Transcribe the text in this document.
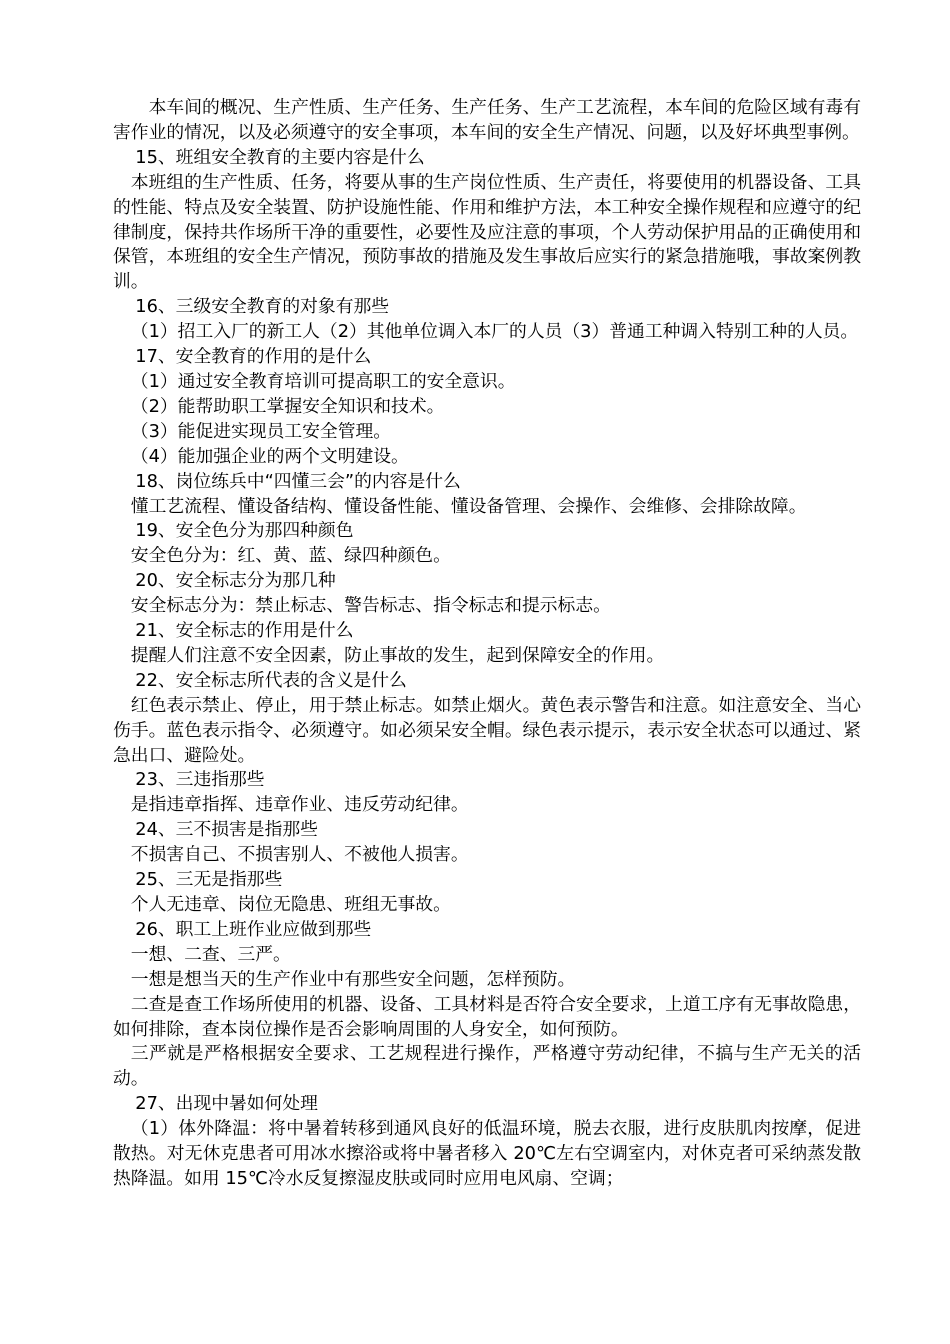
本车间的概况、生产性质、生产任务、生产任务、生产工艺流程，本车间的危险区域有毒有害作业的情况，以及必须遵守的安全事项，本车间的安全生产情况、问题，以及好坏典型事例。

15、班组安全教育的主要内容是什么

本班组的生产性质、任务，将要从事的生产岗位性质、生产责任，将要使用的机器设备、工具的性能、特点及安全装置、防护设施性能、作用和维护方法，本工种安全操作规程和应遵守的纪律制度，保持共作场所干净的重要性，必要性及应注意的事项，个人劳动保护用品的正确使用和保管，本班组的安全生产情况，预防事故的措施及发生事故后应实行的紧急措施哦，事故案例教训。

16、三级安全教育的对象有那些

（1）招工入厂的新工人（2）其他单位调入本厂的人员（3）普通工种调入特别工种的人员。

17、安全教育的作用的是什么

（1）通过安全教育培训可提高职工的安全意识。

（2）能帮助职工掌握安全知识和技术。

（3）能促进实现员工安全管理。

（4）能加强企业的两个文明建设。

18、岗位练兵中“四懂三会”的内容是什么

懂工艺流程、懂设备结构、懂设备性能、懂设备管理、会操作、会维修、会排除故障。

19、安全色分为那四种颜色

安全色分为：红、黄、蓝、绿四种颜色。

20、安全标志分为那几种

安全标志分为：禁止标志、警告标志、指令标志和提示标志。

21、安全标志的作用是什么

提醒人们注意不安全因素，防止事故的发生，起到保障安全的作用。

22、安全标志所代表的含义是什么

红色表示禁止、停止，用于禁止标志。如禁止烟火。黄色表示警告和注意。如注意安全、当心伤手。蓝色表示指令、必须遵守。如必须呆安全帽。绿色表示提示，表示安全状态可以通过、紧急出口、避险处。

23、三违指那些

是指违章指挥、违章作业、违反劳动纪律。

24、三不损害是指那些

不损害自己、不损害别人、不被他人损害。

25、三无是指那些

个人无违章、岗位无隐患、班组无事故。

26、职工上班作业应做到那些

一想、二查、三严。

一想是想当天的生产作业中有那些安全问题，怎样预防。

二查是查工作场所使用的机器、设备、工具材料是否符合安全要求，上道工序有无事故隐患，如何排除，查本岗位操作是否会影响周围的人身安全，如何预防。

三严就是严格根据安全要求、工艺规程进行操作，严格遵守劳动纪律，不搞与生产无关的活动。

27、出现中暑如何处理

（1）体外降温：将中暑着转移到通风良好的低温环境，脱去衣服，进行皮肤肌肉按摩，促进散热。对无休克患者可用冰水擦浴或将中暑者移入 20℃左右空调室内，对休克者可采纳蒸发散热降温。如用 15℃冷水反复擦湿皮肤或同时应用电风扇、空调；
